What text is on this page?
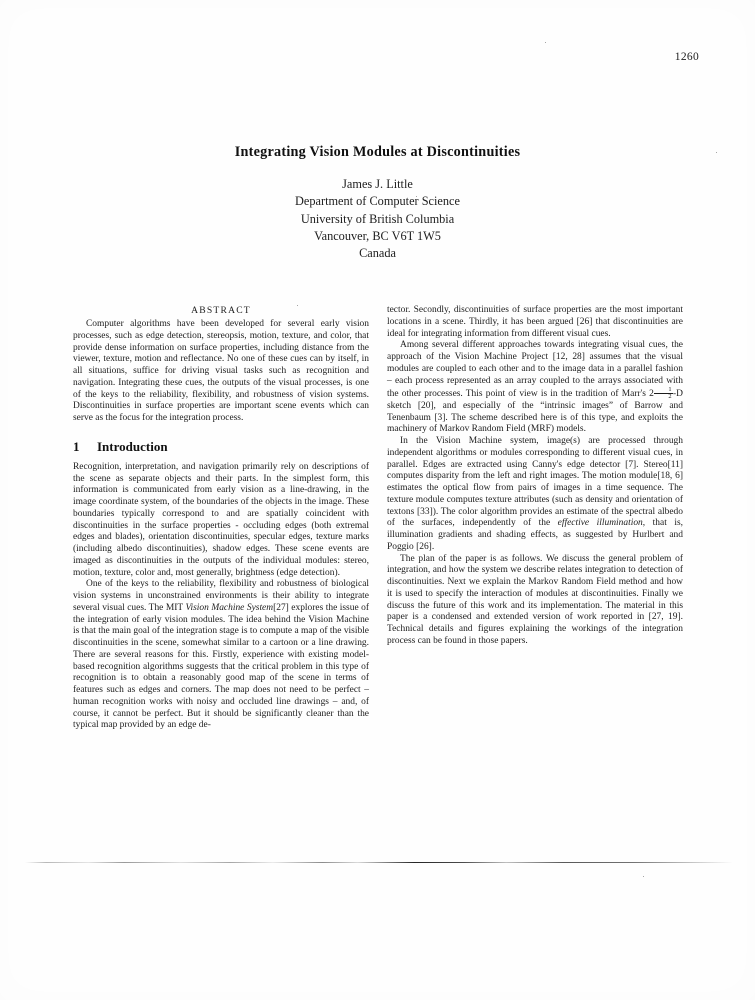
1260
Integrating Vision Modules at Discontinuities
James J. Little
Department of Computer Science
University of British Columbia
Vancouver, BC V6T 1W5
Canada
ABSTRACT

Computer algorithms have been developed for several early vision processes, such as edge detection, stereopsis, motion, texture, and color, that provide dense information on surface properties, including distance from the viewer, texture, motion and reflectance. No one of these cues can by itself, in all situations, suffice for driving visual tasks such as recognition and navigation. Integrating these cues, the outputs of the visual processes, is one of the keys to the reliability, flexibility, and robustness of vision systems. Discontinuities in surface properties are important scene events which can serve as the focus for the integration process.

1 Introduction

Recognition, interpretation, and navigation primarily rely on descriptions of the scene as separate objects and their parts. In the simplest form, this information is communicated from early vision as a line-drawing, in the image coordinate system, of the boundaries of the objects in the image. These boundaries typically correspond to and are spatially coincident with discontinuities in the surface properties - occluding edges (both extremal edges and blades), orientation discontinuities, specular edges, texture marks (including albedo discontinuities), shadow edges. These scene events are imaged as discontinuities in the outputs of the individual modules: stereo, motion, texture, color and, most generally, brightness (edge detection).

One of the keys to the reliability, flexibility and robustness of biological vision systems in unconstrained environments is their ability to integrate several visual cues. The MIT Vision Machine System[27] explores the issue of the integration of early vision modules. The idea behind the Vision Machine is that the main goal of the integration stage is to compute a map of the visible discontinuities in the scene, somewhat similar to a cartoon or a line drawing. There are several reasons for this. Firstly, experience with existing model-based recognition algorithms suggests that the critical problem in this type of recognition is to obtain a reasonably good map of the scene in terms of features such as edges and corners. The map does not need to be perfect – human recognition works with noisy and occluded line drawings – and, of course, it cannot be perfect. But it should be significantly cleaner than the typical map provided by an edge de-

tector. Secondly, discontinuities of surface properties are the most important locations in a scene. Thirdly, it has been argued [26] that discontinuities are ideal for integrating information from different visual cues.

Among several different approaches towards integrating visual cues, the approach of the Vision Machine Project [12, 28] assumes that the visual modules are coupled to each other and to the image data in a parallel fashion – each process represented as an array coupled to the arrays associated with the other processes. This point of view is in the tradition of Marr's $2 \frac{1}{2} -D$ sketch [20], and especially of the “intrinsic images” of Barrow and Tenenbaum [3]. The scheme described here is of this type, and exploits the machinery of Markov Random Field (MRF) models.

In the Vision Machine system, image(s) are processed through independent algorithms or modules corresponding to different visual cues, in parallel. Edges are extracted using Canny's edge detector [7]. Stereo[11] computes disparity from the left and right images. The motion module[18, 6] estimates the optical flow from pairs of images in a time sequence. The texture module computes texture attributes (such as density and orientation of textons [33]). The color algorithm provides an estimate of the spectral albedo of the surfaces, independently of the effective illumination, that is, illumination gradients and shading effects, as suggested by Hurlbert and Poggio [26].

The plan of the paper is as follows. We discuss the general problem of integration, and how the system we describe relates integration to detection of discontinuities. Next we explain the Markov Random Field method and how it is used to specify the interaction of modules at discontinuities. Finally we discuss the future of this work and its implementation. The material in this paper is a condensed and extended version of work reported in [27, 19]. Technical details and figures explaining the workings of the integration process can be found in those papers.
